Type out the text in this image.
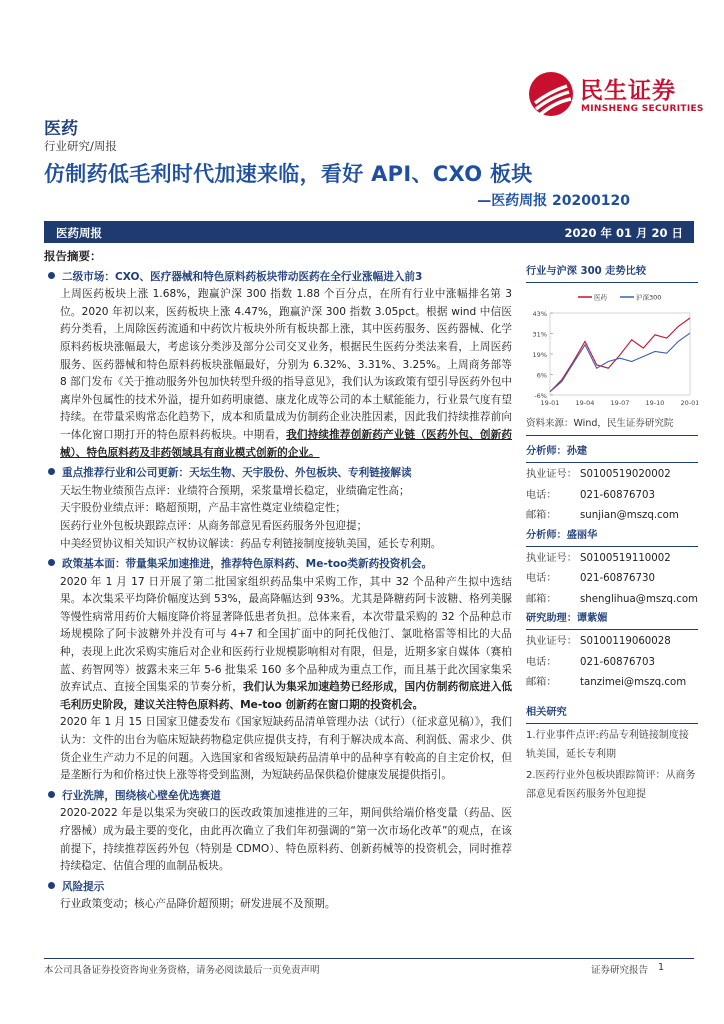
民生证券
MINSHENG SECURITIES
医药
行业研究/周报
仿制药低毛利时代加速来临，看好 API、CXO 板块
—医药周报 20200120
医药周报	2020 年 01 月 20 日

报告摘要：

二级市场：CXO、医疗器械和特色原料药板块带动医药在全行业涨幅进入前3

上周医药板块上涨 1.68%，跑赢沪深 300 指数 1.88 个百分点，在所有行业中涨幅排名第 3 位。2020 年初以来，医药板块上涨 4.47%，跑赢沪深 300 指数 3.05pct。根据 wind 中信医药分类看，上周除医药流通和中药饮片板块外所有板块都上涨，其中医药服务、医药器械、化学原料药板块涨幅最大，考虑该分类涉及部分公司交叉业务，根据民生医药分类法来看，上周医药服务、医药器械和特色原料药板块涨幅最好，分别为 6.32%、3.31%、3.25%。上周商务部等 8 部门发布《关于推动服务外包加快转型升级的指导意见》，我们认为该政策有望引导医药外包中离岸外包属性的技术外溢，提升如药明康德、康龙化成等公司的本土赋能能力，行业景气度有望持续。在带量采购常态化趋势下，成本和质量成为仿制药企业决胜因素，因此我们持续推荐前向一体化窗口期打开的特色原料药板块。中期看，我们持续推荐创新药产业链（医药外包、创新药械）、特色原料药及非药领域具有商业模式创新的企业。

重点推荐行业和公司更新：天坛生物、天宇股份、外包板块、专利链接解读

天坛生物业绩预告点评：业绩符合预期，采浆量增长稳定，业绩确定性高；

天宇股份业绩点评：略超预期，产品丰富性奠定业绩稳定性；

医药行业外包板块跟踪点评：从商务部意见看医药服务外包迎提；

中美经贸协议相关知识产权协议解读：药品专利链接制度接轨美国，延长专利期。

政策基本面：带量集采加速推进，推荐特色原料药、Me-too类新药投资机会。

2020 年 1 月 17 日开展了第二批国家组织药品集中采购工作，其中 32 个品种产生拟中选结果。本次集采平均降价幅度达到 53%，最高降幅达到 93%。尤其是降糖药阿卡波糖、格列美脲等慢性病常用药价大幅度降价将显著降低患者负担。总体来看，本次带量采购的 32 个品种总市场规模除了阿卡波糖外并没有可与 4+7 和全国扩面中的阿托伐他汀、氯吡格雷等相比的大品种，表现上此次采购实施后对企业和医药行业规模影响相对有限，但是，近期多家自媒体（赛柏蓝、药智网等）披露未来三年 5-6 批集采 160 多个品种成为重点工作，而且基于此次国家集采放弃试点、直接全国集采的节奏分析，我们认为集采加速趋势已经形成，国内仿制药彻底进入低毛利历史阶段，建议关注特色原料药、Me-too 创新药在窗口期的投资机会。

2020 年 1 月 15 日国家卫健委发布《国家短缺药品清单管理办法（试行）（征求意见稿）》，我们认为：文件的出台为临床短缺药物稳定供应提供支持，有利于解决成本高、利润低、需求少、供货企业生产动力不足的问题。入选国家和省级短缺药品清单中的品种享有較高的自主定价权，但是垄断行为和价格过快上涨等将受到监测，为短缺药品保供稳价健康发展提供指引。

行业洗牌，围绕核心壁垒优选赛道

2020-2022 年是以集采为突破口的医改政策加速推进的三年，期间供给端价格变量（药品、医疗器械）成为最主要的变化，由此再次确立了我们年初强调的“第一次市场化改革”的观点，在该前提下，持续推荐医药外包（特别是 CDMO）、特色原料药、创新药械等的投资机会，同时推荐持续稳定、估值合理的血制品板块。

风险提示

行业政策变动；核心产品降价超预期；研发进展不及预期。

行业与沪深 300 走势比较
43%
31%
19%
6%
-6%
19-01 19-04 19-07 19-10 20-01
医药	沪深300
资料来源：Wind，民生证券研究院
分析师：孙建
执业证号： S0100519020002
电话：	021-60876703
邮箱：	sunjian@mszq.com
分析师：盛丽华
执业证号： S0100519110002
电话：	021-60876730
邮箱：	shenglihua@mszq.com
研究助理：谭紫媚
执业证号： S0100119060028
电话：	021-60876703
邮箱：	tanzimei@mszq.com
相关研究
1.行业事件点评:药品专利链接制度接轨美国，延长专利期
2.医药行业外包板块跟踪简评：从商务部意见看医药服务外包迎提
本公司具备证券投资咨询业务资格，请务必阅读最后一页免责声明	证券研究报告 1
